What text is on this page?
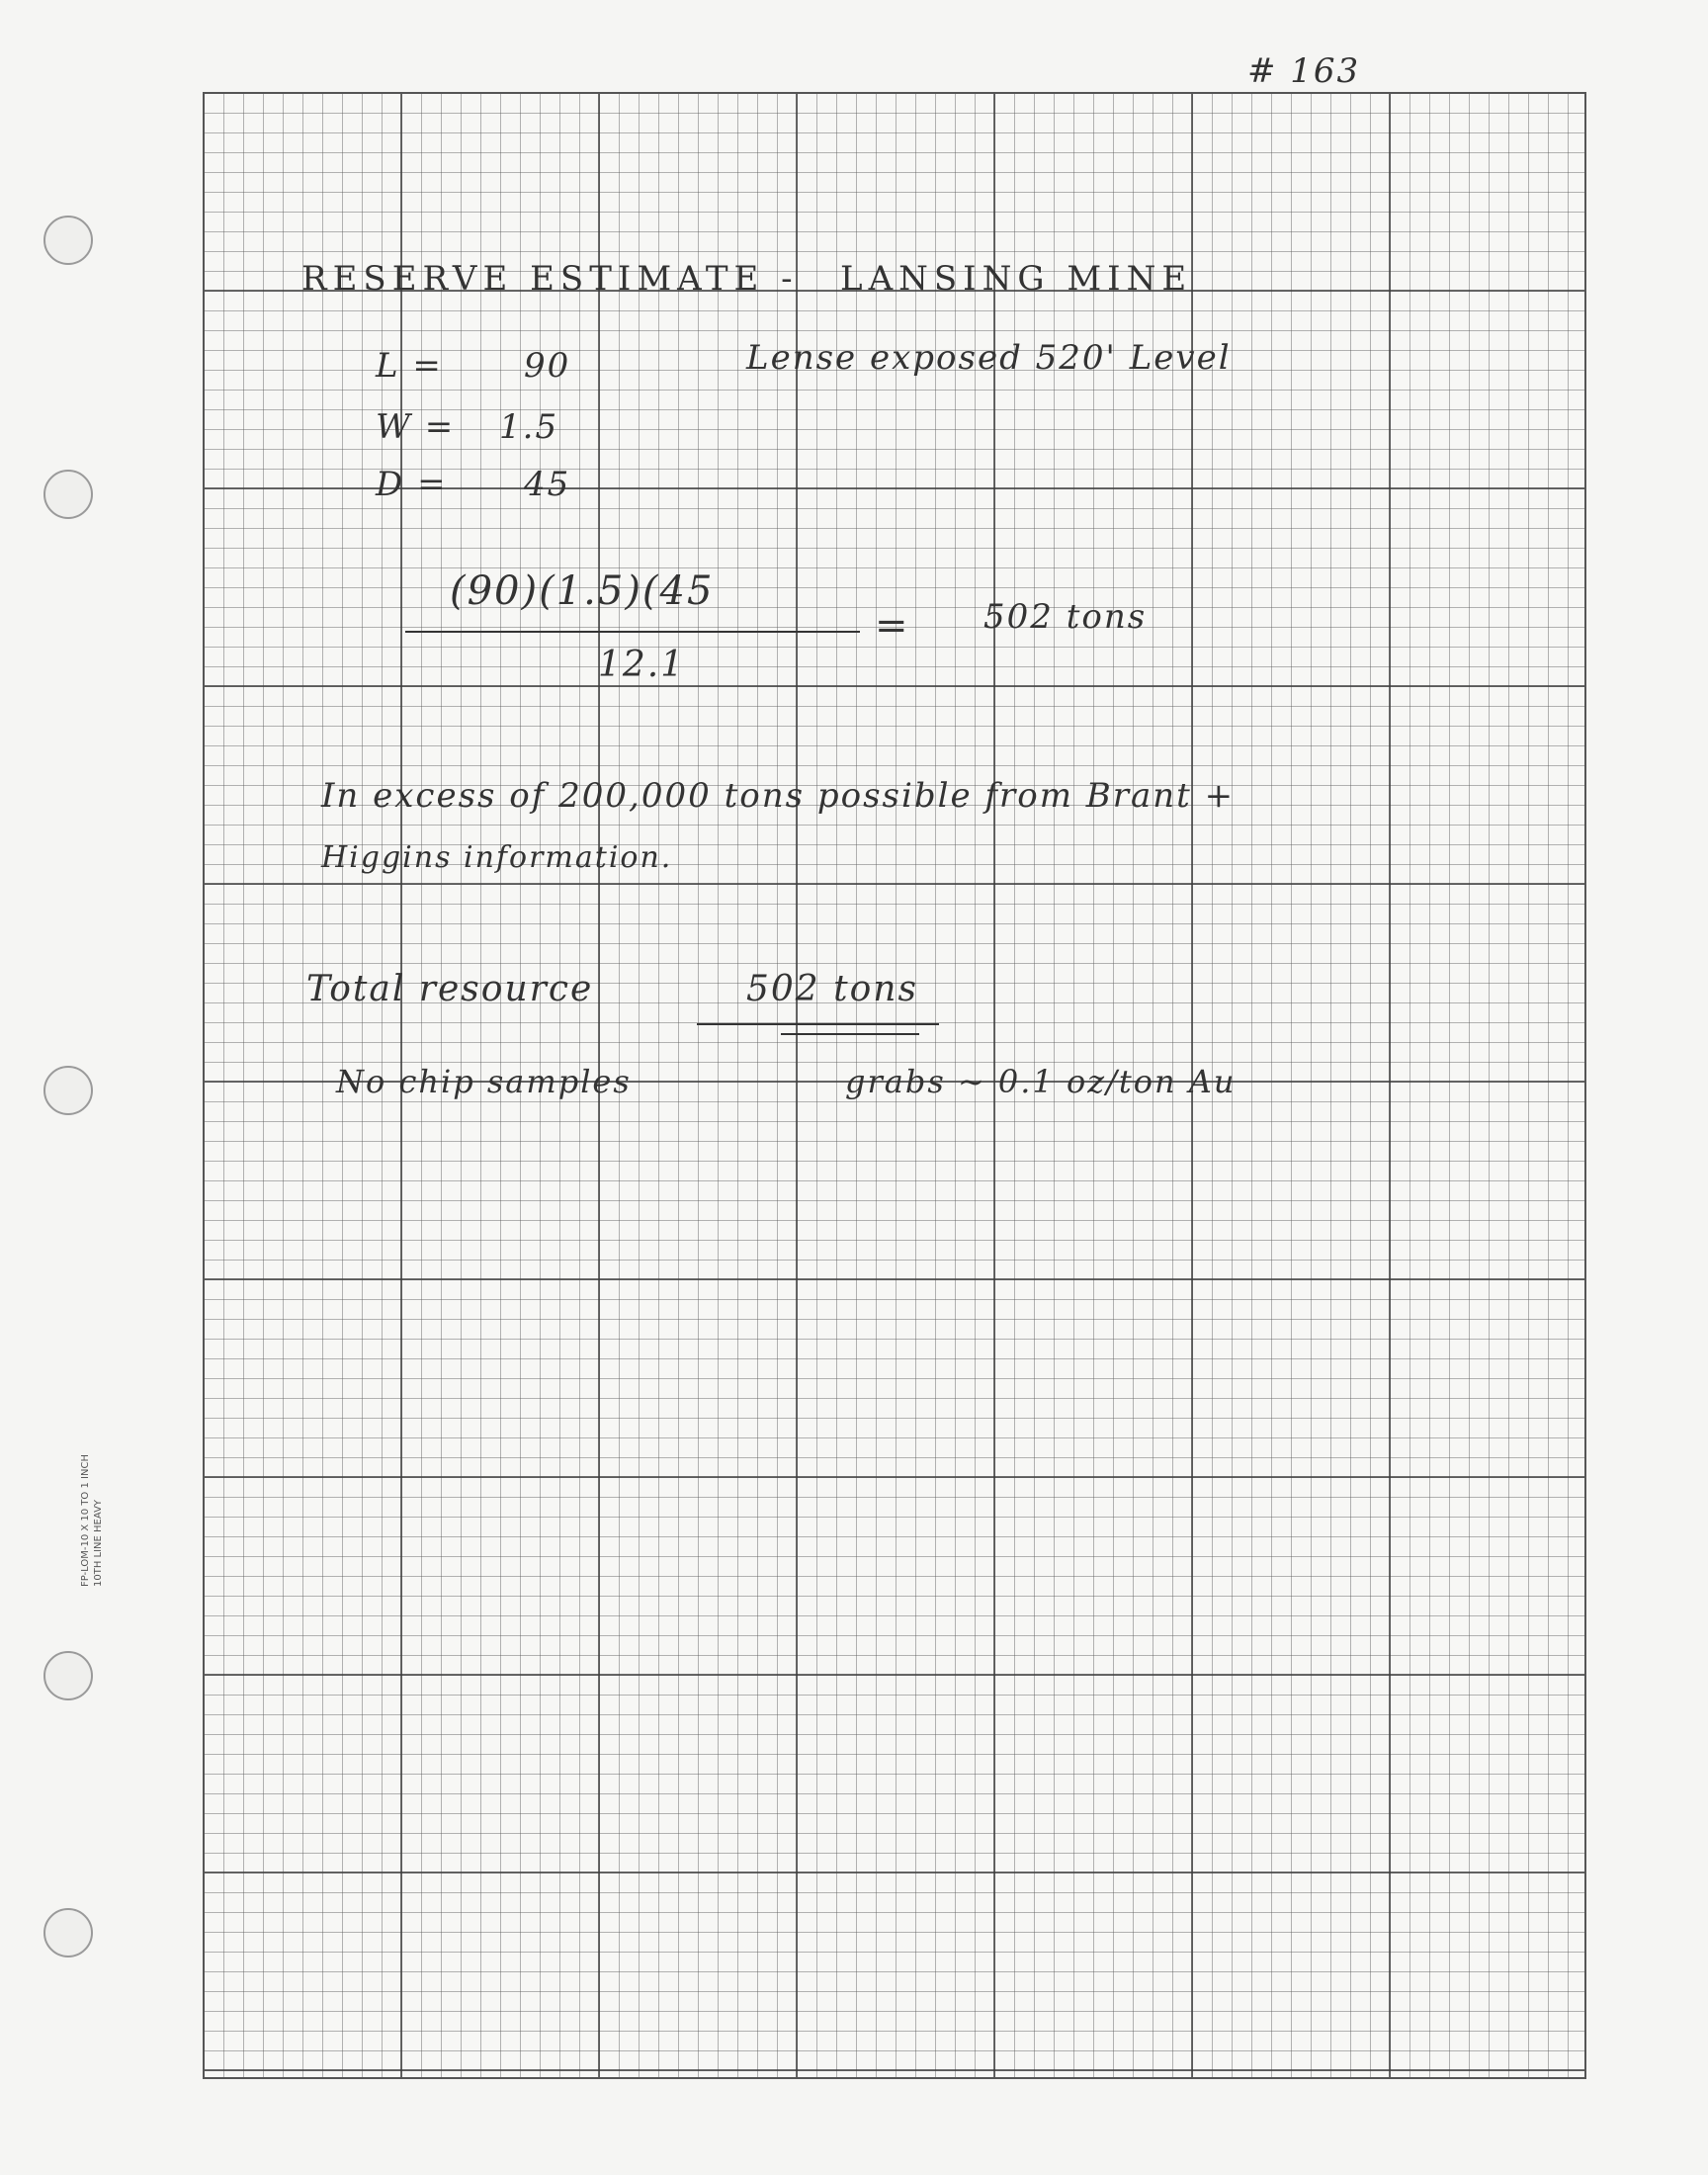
FP-LOM-10 X 10 TO 1 INCH 10TH LINE HEAVY
# 163
RESERVE ESTIMATE - LANSING MINE
L = 90
W = 1.5
D = 45
Lense exposed 520' Level
(90)(1.5)(45
12.1
= 502 tons
In excess of 200,000 tons possible from Brant +
Higgins information.
Total resource	502 tons
No chip samples	grabs ~ 0.1 oz/ton Au
